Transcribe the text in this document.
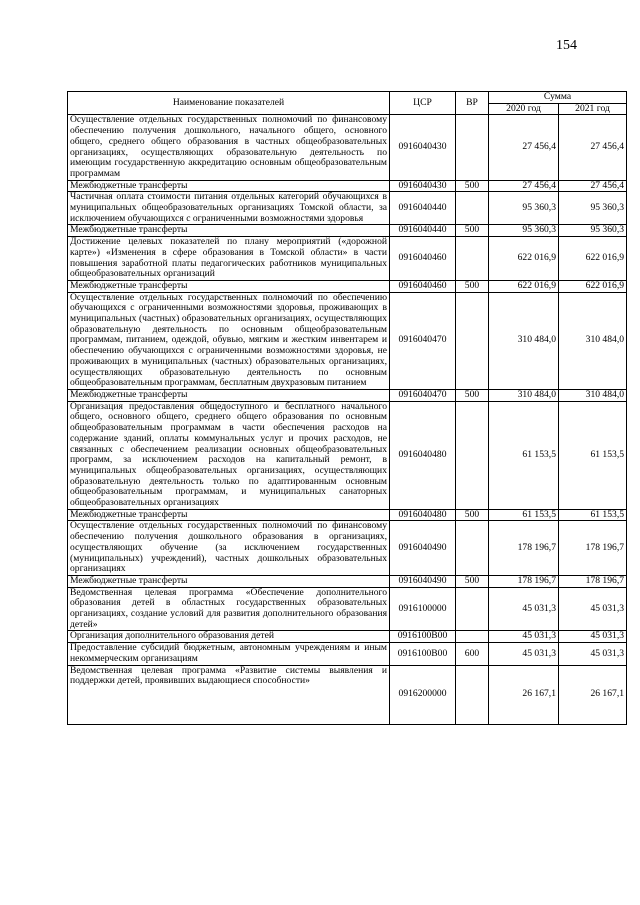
154
Наименование показателей	ЦСР	ВР	Сумма	
			2020 год	2021 год
Осуществление отдельных государственных полномочий по финансовому обеспечению получения дошкольного, начального общего, основного общего, среднего общего образования в частных общеобразовательных организациях, осуществляющих образовательную деятельность по имеющим государственную аккредитацию основным общеобразовательным программам	0916040430		27 456,4	27 456,4
Межбюджетные трансферты	0916040430	500	27 456,4	27 456,4
Частичная оплата стоимости питания отдельных категорий обучающихся в муниципальных общеобразовательных организациях Томской области, за исключением обучающихся с ограниченными возможностями здоровья	0916040440		95 360,3	95 360,3
Межбюджетные трансферты	0916040440	500	95 360,3	95 360,3
Достижение целевых показателей по плану мероприятий («дорожной карте») «Изменения в сфере образования в Томской области» в части повышения заработной платы педагогических работников муниципальных общеобразовательных организаций	0916040460		622 016,9	622 016,9
Межбюджетные трансферты	0916040460	500	622 016,9	622 016,9
Осуществление отдельных государственных полномочий по обеспечению обучающихся с ограниченными возможностями здоровья, проживающих в муниципальных (частных) образовательных организациях, осуществляющих образовательную деятельность по основным общеобразовательным программам, питанием, одеждой, обувью, мягким и жестким инвентарем и обеспечению обучающихся с ограниченными возможностями здоровья, не проживающих в муниципальных (частных) образовательных организациях, осуществляющих образовательную деятельность по основным общеобразовательным программам, бесплатным двухразовым питанием	0916040470		310 484,0	310 484,0
Межбюджетные трансферты	0916040470	500	310 484,0	310 484,0
Организация предоставления общедоступного и бесплатного начального общего, основного общего, среднего общего образования по основным общеобразовательным программам в части обеспечения расходов на содержание зданий, оплаты коммунальных услуг и прочих расходов, не связанных с обеспечением реализации основных общеобразовательных программ, за исключением расходов на капитальный ремонт, в муниципальных общеобразовательных организациях, осуществляющих образовательную деятельность только по адаптированным основным общеобразовательным программам, и муниципальных санаторных общеобразовательных организациях	0916040480		61 153,5	61 153,5
Межбюджетные трансферты	0916040480	500	61 153,5	61 153,5
Осуществление отдельных государственных полномочий по финансовому обеспечению получения дошкольного образования в организациях, осуществляющих обучение (за исключением государственных (муниципальных) учреждений), частных дошкольных образовательных организациях	0916040490		178 196,7	178 196,7
Межбюджетные трансферты	0916040490	500	178 196,7	178 196,7
Ведомственная целевая программа «Обеспечение дополнительного образования детей в областных государственных образовательных организациях, создание условий для развития дополнительного образования детей»	0916100000		45 031,3	45 031,3
Организация дополнительного образования детей	0916100В00		45 031,3	45 031,3
Предоставление субсидий бюджетным, автономным учреждениям и иным некоммерческим организациям	0916100В00	600	45 031,3	45 031,3
Ведомственная целевая программа «Развитие системы выявления и поддержки детей, проявивших выдающиеся способности»	0916200000		26 167,1	26 167,1
